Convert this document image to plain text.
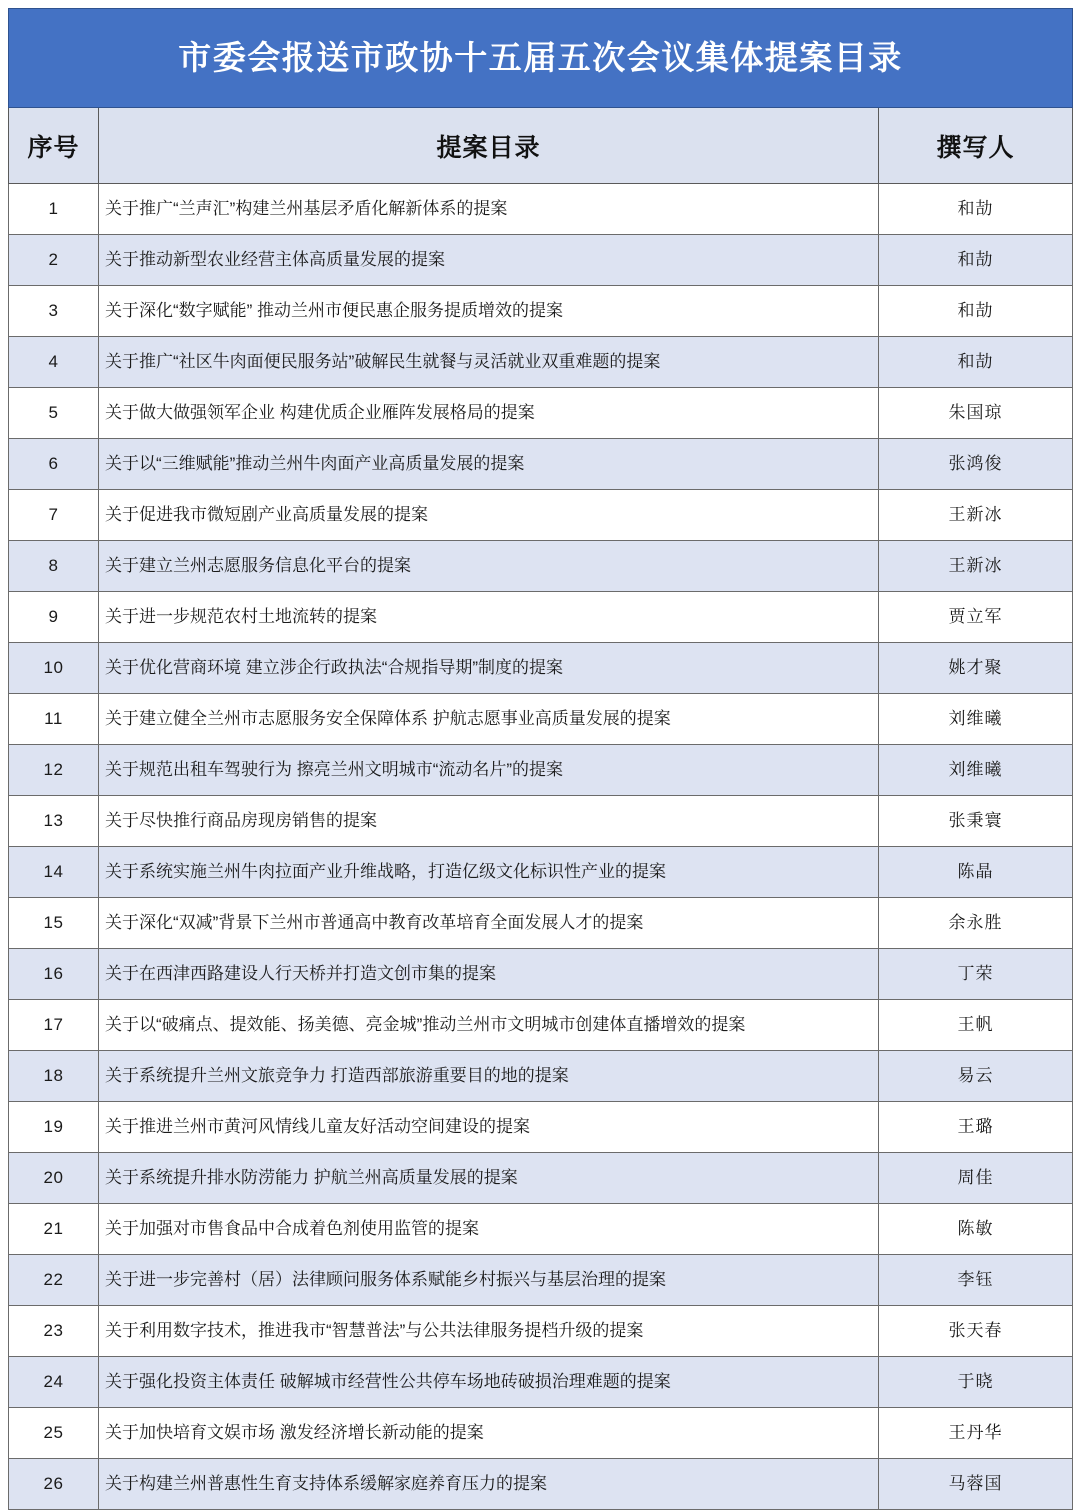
市委会报送市政协十五届五次会议集体提案目录		

序号	提案目录	撰写人
1	关于推广“兰声汇”构建兰州基层矛盾化解新体系的提案	和劼
2	关于推动新型农业经营主体高质量发展的提案	和劼
3	关于深化“数字赋能” 推动兰州市便民惠企服务提质增效的提案	和劼
4	关于推广“社区牛肉面便民服务站”破解民生就餐与灵活就业双重难题的提案	和劼
5	关于做大做强领军企业 构建优质企业雁阵发展格局的提案	朱国琼
6	关于以“三维赋能”推动兰州牛肉面产业高质量发展的提案	张鸿俊
7	关于促进我市微短剧产业高质量发展的提案	王新冰
8	关于建立兰州志愿服务信息化平台的提案	王新冰
9	关于进一步规范农村土地流转的提案	贾立军
10	关于优化营商环境 建立涉企行政执法“合规指导期”制度的提案	姚才聚
11	关于建立健全兰州市志愿服务安全保障体系 护航志愿事业高质量发展的提案	刘维曦
12	关于规范出租车驾驶行为 擦亮兰州文明城市“流动名片”的提案	刘维曦
13	关于尽快推行商品房现房销售的提案	张秉寰
14	关于系统实施兰州牛肉拉面产业升维战略，打造亿级文化标识性产业的提案	陈晶
15	关于深化“双减”背景下兰州市普通高中教育改革培育全面发展人才的提案	余永胜
16	关于在西津西路建设人行天桥并打造文创市集的提案	丁荣
17	关于以“破痛点、提效能、扬美德、亮金城”推动兰州市文明城市创建体直播增效的提案	王帆
18	关于系统提升兰州文旅竞争力 打造西部旅游重要目的地的提案	易云
19	关于推进兰州市黄河风情线儿童友好活动空间建设的提案	王璐
20	关于系统提升排水防涝能力 护航兰州高质量发展的提案	周佳
21	关于加强对市售食品中合成着色剂使用监管的提案	陈敏
22	关于进一步完善村（居）法律顾问服务体系赋能乡村振兴与基层治理的提案	李钰
23	关于利用数字技术，推进我市“智慧普法”与公共法律服务提档升级的提案	张天春
24	关于强化投资主体责任 破解城市经营性公共停车场地砖破损治理难题的提案	于晓
25	关于加快培育文娱市场 激发经济增长新动能的提案	王丹华
26	关于构建兰州普惠性生育支持体系缓解家庭养育压力的提案	马蓉国
